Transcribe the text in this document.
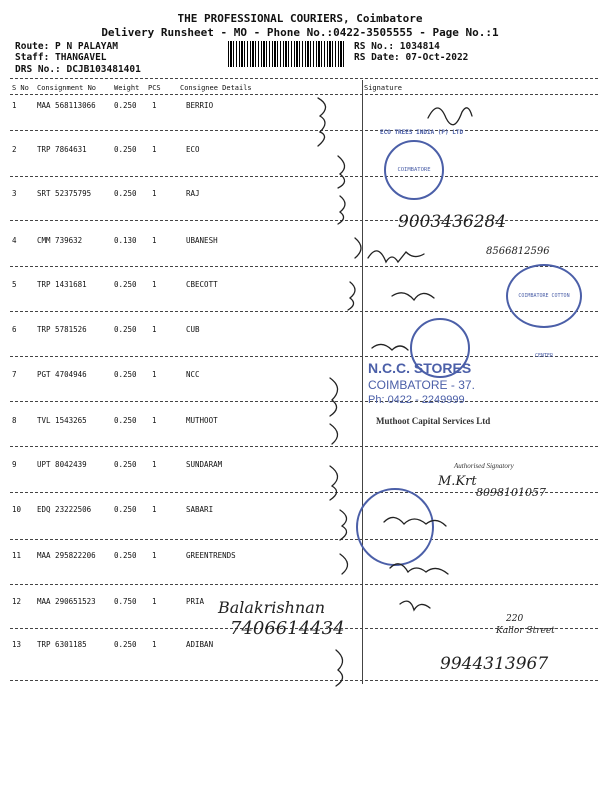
THE PROFESSIONAL COURIERS, Coimbatore
Delivery Runsheet - MO - Phone No.:0422-3505555 - Page No.:1
Route: P N PALAYAM
Staff: THANGAVEL
DRS No.: DCJB103481401
RS No.: 1034814
RS Date: 07-Oct-2022
S No Consignment No	Weight PCS	Consignee Details	Signature
1	MAA 568113066 0.250 1	BERRIO
2	TRP 7864631	0.250 1	ECO
3	SRT 52375795	0.250 1	RAJ
4	CMM 739632	0.130 1	UBANESH
5	TRP 1431681	0.250 1	CBECOTT
6	TRP 5781526	0.250 1	CUB
7	PGT 4704946	0.250 1	NCC
8	TVL 1543265	0.250 1	MUTHOOT
9	UPT 8042439	0.250 1	SUNDARAM
10 EDQ 23222506	0.250 1	SABARI
11 MAA 295822206 0.250 1	GREENTRENDS
12 MAA 290651523 0.750 1	PRIA
13 TRP 6301185	0.250 1	ADIBAN
COIMBATORE
ECO TREES INDIA (P) LTD
9003436284
8566812596
COIMBATORE COTTON CENTER
N.C.C. STORES
COIMBATORE - 37.
Ph: 0422 - 2249999
Muthoot Capital Services Ltd
Authorised Signatory
M.Krt
8098101057
Balakrishnan
7406614434	220
Kallor Street
9944313967
